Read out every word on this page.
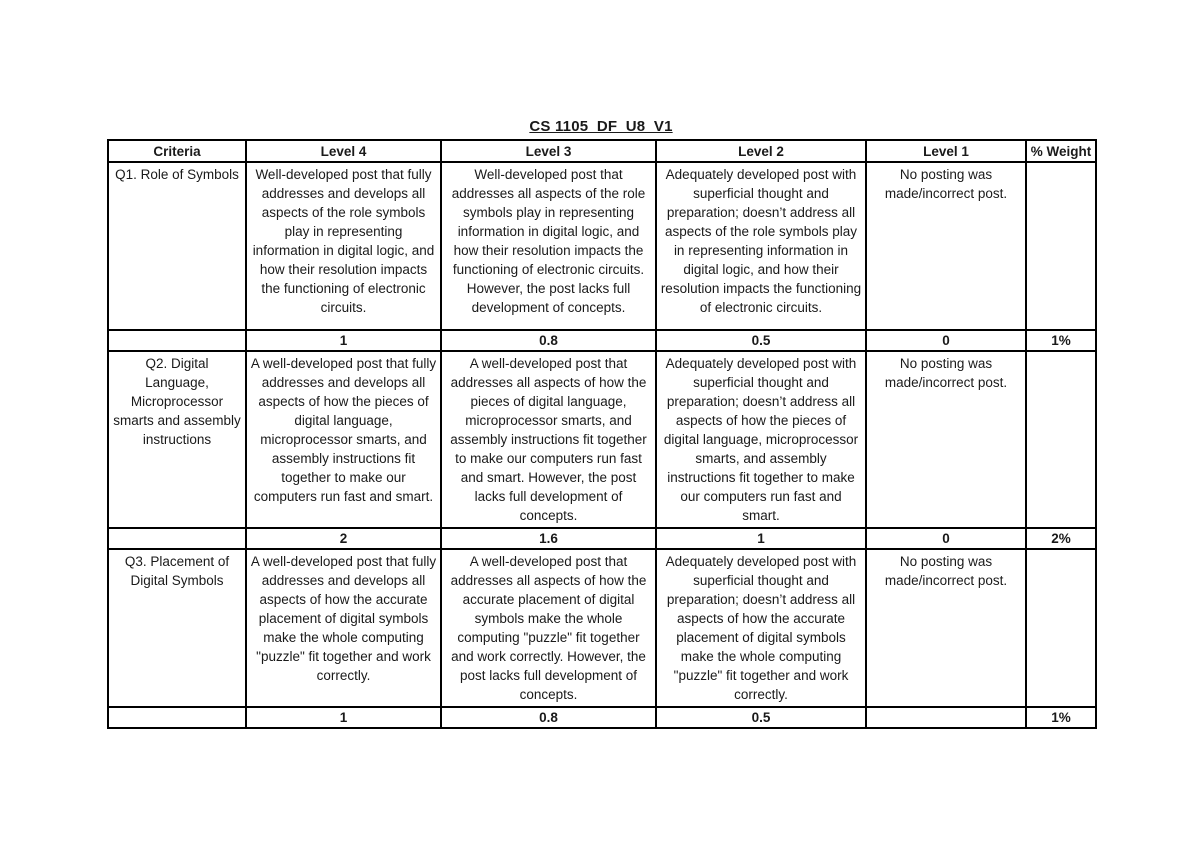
CS 1105_DF_U8_V1
Criteria	Level 4	Level 3	Level 2	Level 1	% Weight
Q1. Role of Symbols	Well-developed post that fully addresses and develops all aspects of the role symbols play in representing information in digital logic, and how their resolution impacts the functioning of electronic circuits.	Well-developed post that addresses all aspects of the role symbols play in representing information in digital logic, and how their resolution impacts the functioning of electronic circuits. However, the post lacks full development of concepts.	Adequately developed post with superficial thought and preparation; doesn’t address all aspects of the role symbols play in representing information in digital logic, and how their resolution impacts the functioning of electronic circuits.	No posting was made/incorrect post.	
	1	0.8	0.5	0	1%
Q2. Digital Language, Microprocessor smarts and assembly instructions	A well-developed post that fully addresses and develops all aspects of how the pieces of digital language, microprocessor smarts, and assembly instructions fit together to make our computers run fast and smart.	A well-developed post that addresses all aspects of how the pieces of digital language, microprocessor smarts, and assembly instructions fit together to make our computers run fast and smart. However, the post lacks full development of concepts.	Adequately developed post with superficial thought and preparation; doesn’t address all aspects of how the pieces of digital language, microprocessor smarts, and assembly instructions fit together to make our computers run fast and smart.	No posting was made/incorrect post.	
	2	1.6	1	0	2%
Q3. Placement of Digital Symbols	A well-developed post that fully addresses and develops all aspects of how the accurate placement of digital symbols make the whole computing "puzzle" fit together and work correctly.	A well-developed post that addresses all aspects of how the accurate placement of digital symbols make the whole computing "puzzle" fit together and work correctly. However, the post lacks full development of concepts.	Adequately developed post with superficial thought and preparation; doesn’t address all aspects of how the accurate placement of digital symbols make the whole computing "puzzle" fit together and work correctly.	No posting was made/incorrect post.	
	1	0.8	0.5		1%
